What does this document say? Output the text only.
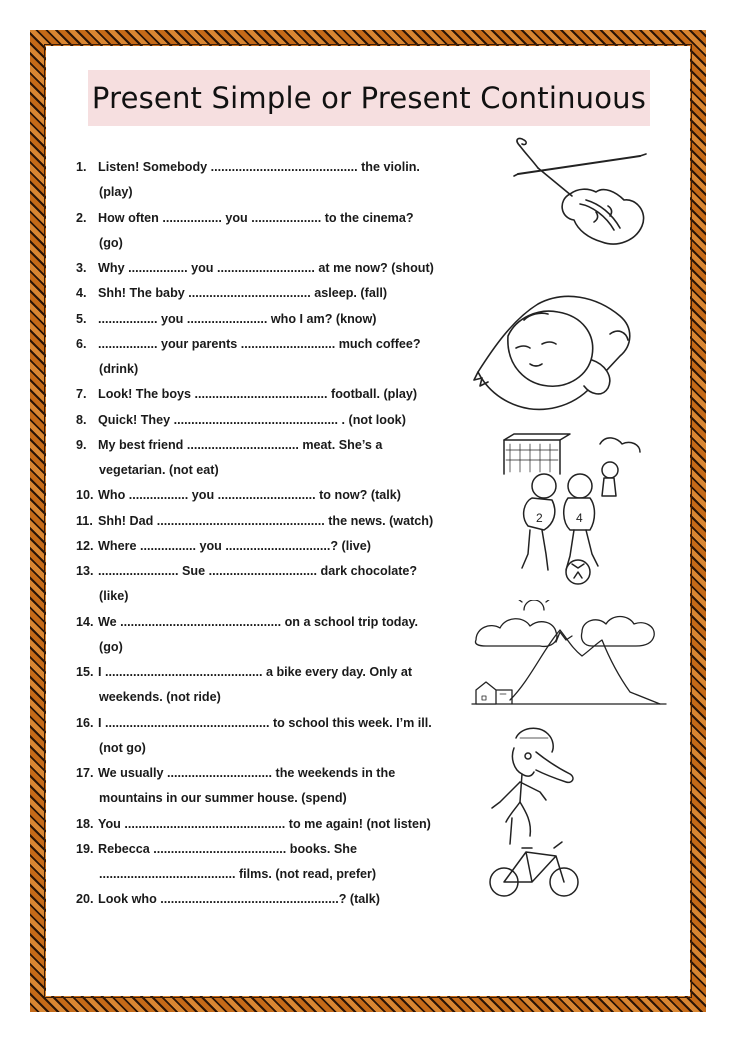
Present Simple or Present Continuous
1. Listen! Somebody .......................................... the violin.
(play)
2. How often ................. you .................... to the cinema?
(go)
3. Why ................. you ............................ at me now? (shout)
4. Shh! The baby ................................... asleep. (fall)
5. ................. you ....................... who I am? (know)
6. ................. your parents ........................... much coffee?
(drink)
7. Look! The boys ...................................... football. (play)
8. Quick! They ............................................... . (not look)
9. My best friend ................................ meat. She’s a
vegetarian. (not eat)
10. Who ................. you ............................ to now? (talk)
11. Shh! Dad ................................................ the news. (watch)
12. Where ................ you ..............................? (live)
13. ....................... Sue ............................... dark chocolate?
(like)
14. We .............................................. on a school trip today.
(go)
15. I ............................................. a bike every day. Only at
weekends. (not ride)
16. I ............................................... to school this week. I’m ill.
(not go)
17. We usually .............................. the weekends in the
mountains in our summer house. (spend)
18. You .............................................. to me again! (not listen)
19. Rebecca ...................................... books. She
....................................... films. (not read, prefer)
20. Look who ...................................................? (talk)
2	4
